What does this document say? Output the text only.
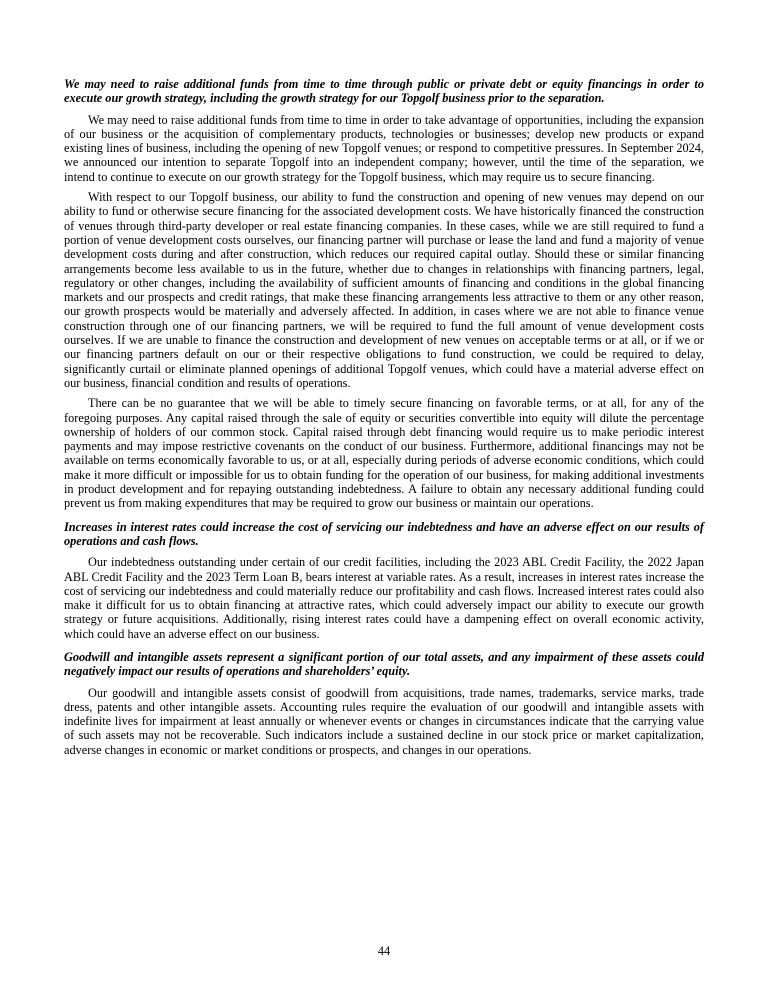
We may need to raise additional funds from time to time through public or private debt or equity financings in order to execute our growth strategy, including the growth strategy for our Topgolf business prior to the separation.

We may need to raise additional funds from time to time in order to take advantage of opportunities, including the expansion of our business or the acquisition of complementary products, technologies or businesses; develop new products or expand existing lines of business, including the opening of new Topgolf venues; or respond to competitive pressures. In September 2024, we announced our intention to separate Topgolf into an independent company; however, until the time of the separation, we intend to continue to execute on our growth strategy for the Topgolf business, which may require us to secure financing.

With respect to our Topgolf business, our ability to fund the construction and opening of new venues may depend on our ability to fund or otherwise secure financing for the associated development costs. We have historically financed the construction of venues through third-party developer or real estate financing companies. In these cases, while we are still required to fund a portion of venue development costs ourselves, our financing partner will purchase or lease the land and fund a majority of venue development costs during and after construction, which reduces our required capital outlay. Should these or similar financing arrangements become less available to us in the future, whether due to changes in relationships with financing partners, legal, regulatory or other changes, including the availability of sufficient amounts of financing and conditions in the global financing markets and our prospects and credit ratings, that make these financing arrangements less attractive to them or any other reason, our growth prospects would be materially and adversely affected. In addition, in cases where we are not able to finance venue construction through one of our financing partners, we will be required to fund the full amount of venue development costs ourselves. If we are unable to finance the construction and development of new venues on acceptable terms or at all, or if we or our financing partners default on our or their respective obligations to fund construction, we could be required to delay, significantly curtail or eliminate planned openings of additional Topgolf venues, which could have a material adverse effect on our business, financial condition and results of operations.

There can be no guarantee that we will be able to timely secure financing on favorable terms, or at all, for any of the foregoing purposes. Any capital raised through the sale of equity or securities convertible into equity will dilute the percentage ownership of holders of our common stock. Capital raised through debt financing would require us to make periodic interest payments and may impose restrictive covenants on the conduct of our business. Furthermore, additional financings may not be available on terms economically favorable to us, or at all, especially during periods of adverse economic conditions, which could make it more difficult or impossible for us to obtain funding for the operation of our business, for making additional investments in product development and for repaying outstanding indebtedness. A failure to obtain any necessary additional funding could prevent us from making expenditures that may be required to grow our business or maintain our operations.

Increases in interest rates could increase the cost of servicing our indebtedness and have an adverse effect on our results of operations and cash flows.

Our indebtedness outstanding under certain of our credit facilities, including the 2023 ABL Credit Facility, the 2022 Japan ABL Credit Facility and the 2023 Term Loan B, bears interest at variable rates. As a result, increases in interest rates increase the cost of servicing our indebtedness and could materially reduce our profitability and cash flows. Increased interest rates could also make it difficult for us to obtain financing at attractive rates, which could adversely impact our ability to execute our growth strategy or future acquisitions. Additionally, rising interest rates could have a dampening effect on overall economic activity, which could have an adverse effect on our business.

Goodwill and intangible assets represent a significant portion of our total assets, and any impairment of these assets could negatively impact our results of operations and shareholders’ equity.

Our goodwill and intangible assets consist of goodwill from acquisitions, trade names, trademarks, service marks, trade dress, patents and other intangible assets. Accounting rules require the evaluation of our goodwill and intangible assets with indefinite lives for impairment at least annually or whenever events or changes in circumstances indicate that the carrying value of such assets may not be recoverable. Such indicators include a sustained decline in our stock price or market capitalization, adverse changes in economic or market conditions or prospects, and changes in our operations.

44
